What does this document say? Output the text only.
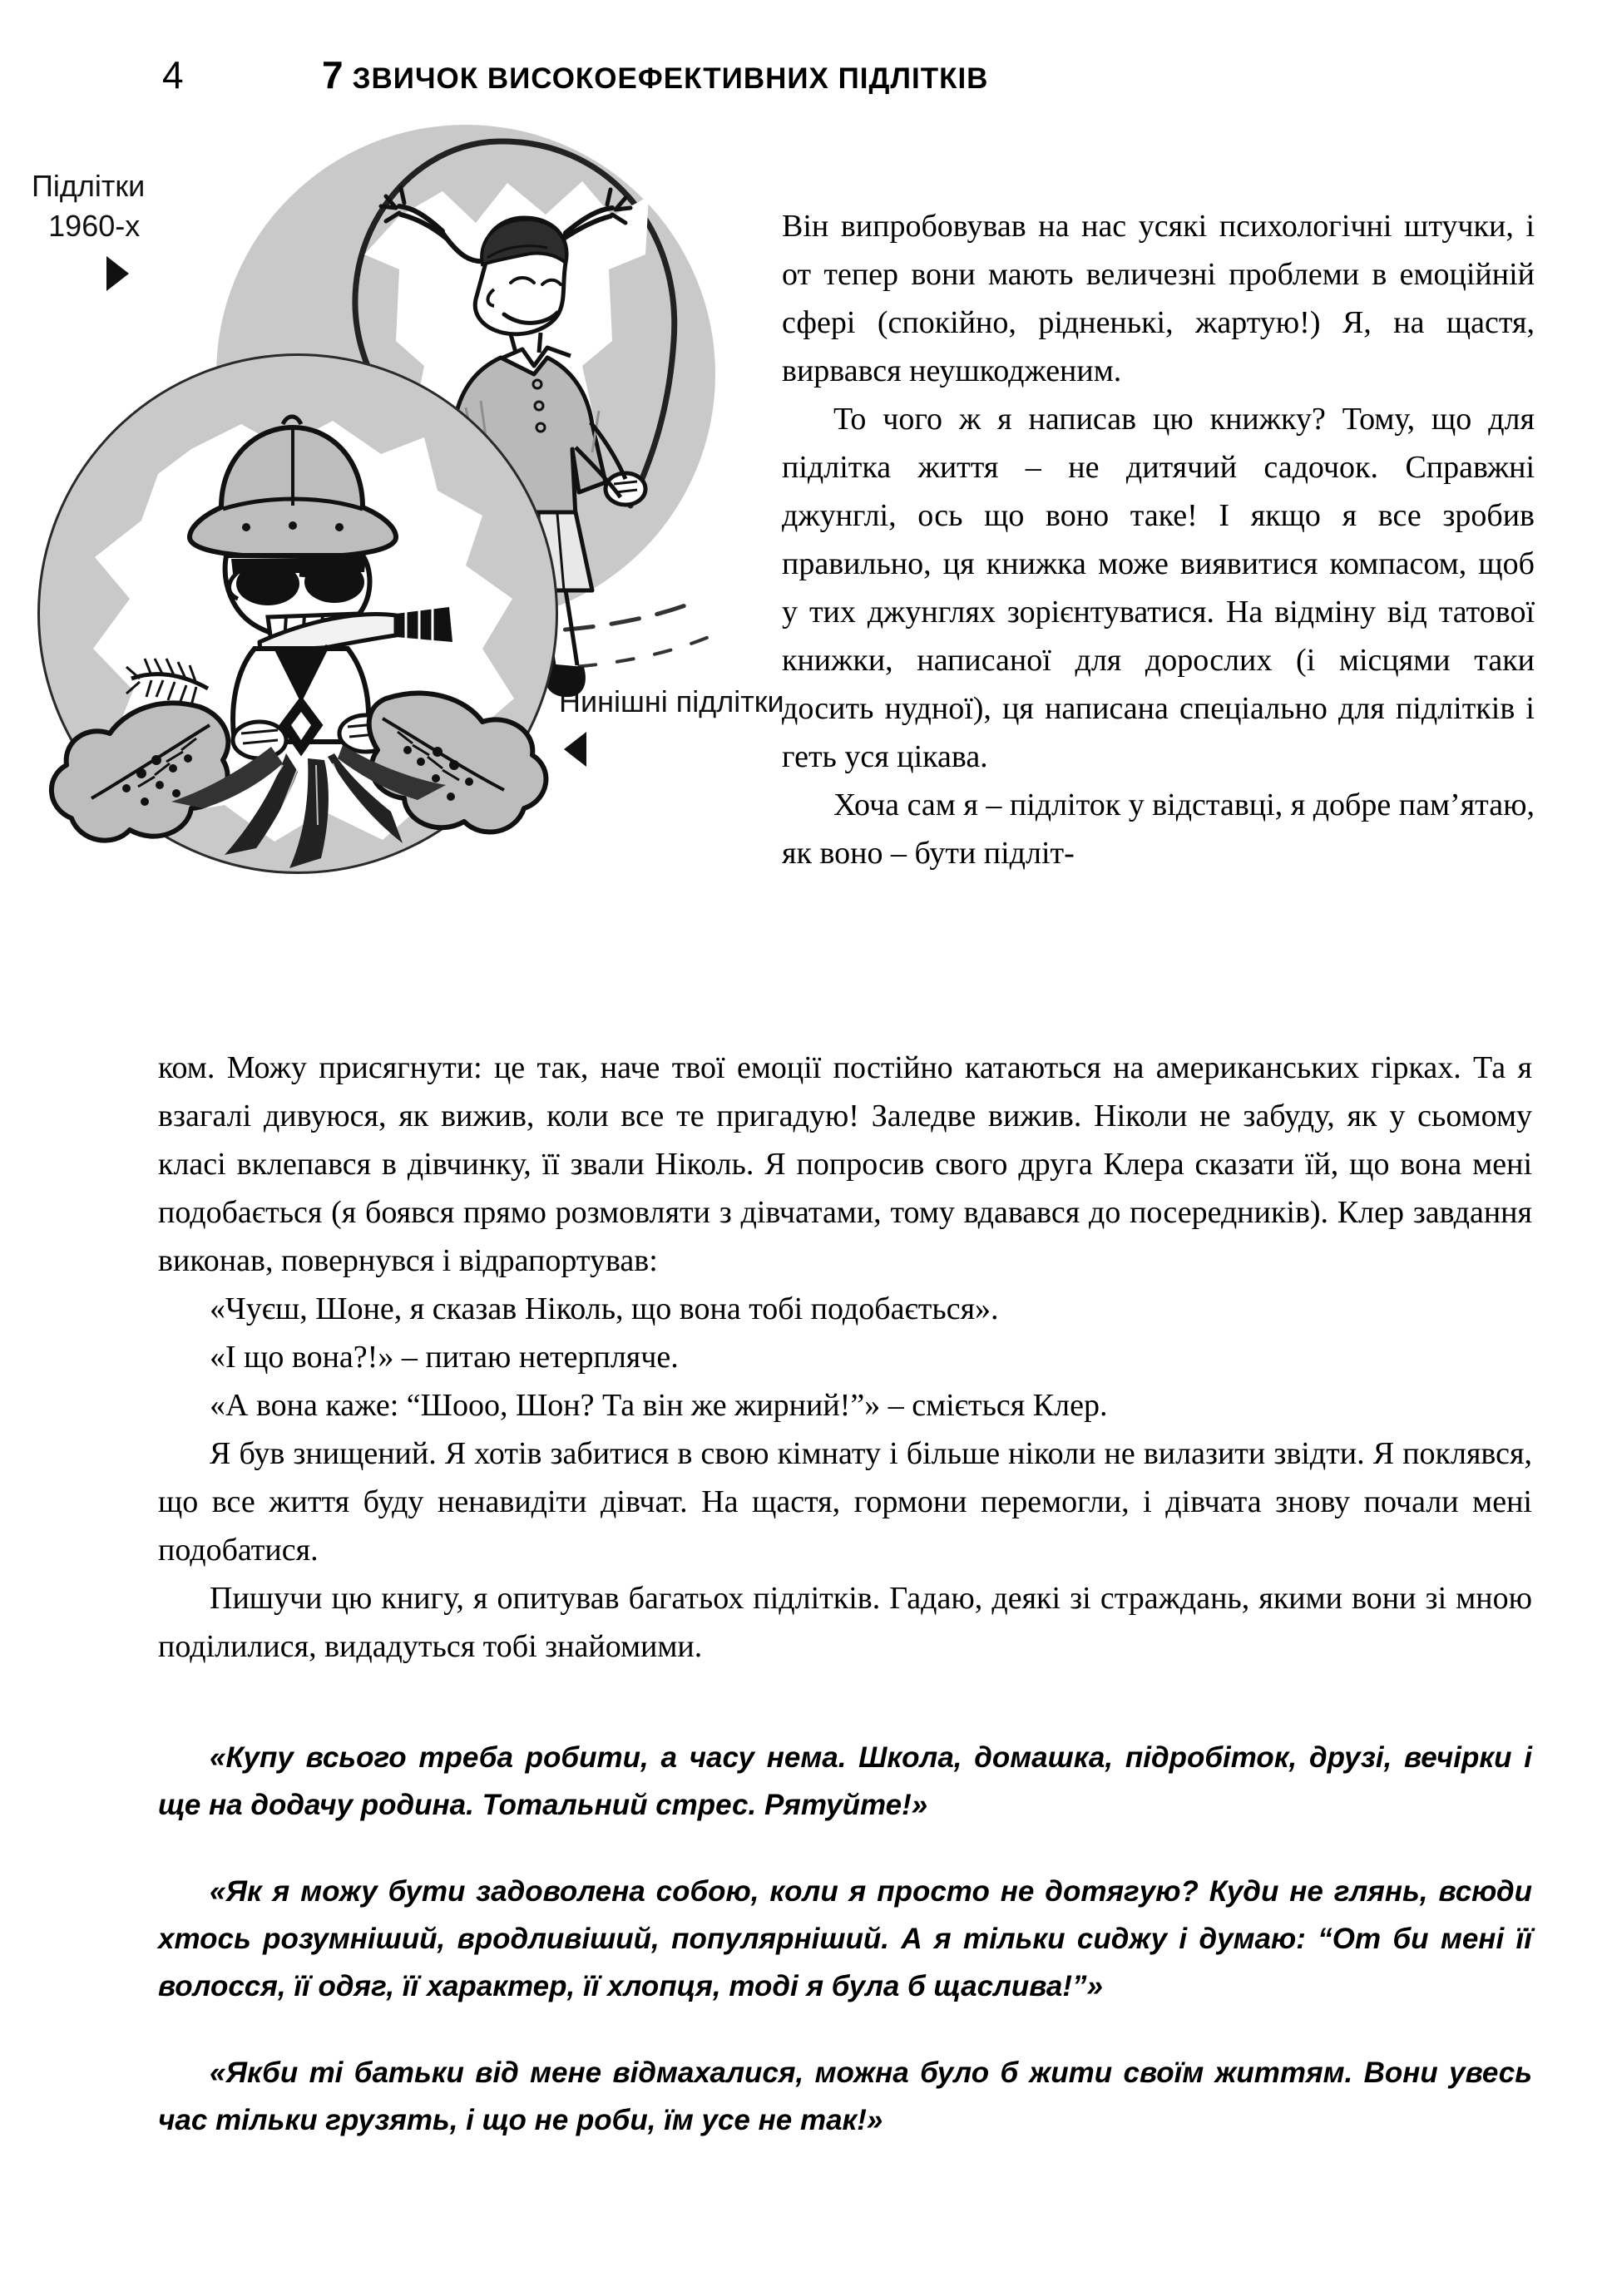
4	7 ЗВИЧОК ВИСОКОЕФЕКТИВНИХ ПІДЛІТКІВ
Підлітки
1960-х
Нинішні підлітки

Він випробовував на нас усякі психологічні штучки, і от тепер вони мають величезні проблеми в емоційній сфері (спокійно, рідненькі, жартую!) Я, на щастя, вирвався неушкодженим.

То чого ж я написав цю книжку? Тому, що для підлітка життя – не дитячий садочок. Справжні джунглі, ось що воно таке! І якщо я все зробив правильно, ця книжка може виявитися компасом, щоб у тих джунглях зорієнтуватися. На відміну від татової книжки, написаної для дорослих (і місцями таки досить нудної), ця написана спеціально для підлітків і геть уся цікава.

Хоча сам я – підліток у відставці, я добре пам’ятаю, як воно – бути підліт-

ком. Можу присягнути: це так, наче твої емоції постійно катаються на американських гірках. Та я взагалі дивуюся, як вижив, коли все те пригадую! Заледве вижив. Ніколи не забуду, як у сьомому класі вклепався в дівчинку, її звали Ніколь. Я попросив свого друга Клера сказати їй, що вона мені подобається (я боявся прямо розмовляти з дівчатами, тому вдавався до посередників). Клер завдання виконав, повернувся і відрапортував:

«Чуєш, Шоне, я сказав Ніколь, що вона тобі подобається».

«І що вона?!» – питаю нетерпляче.

«А вона каже: “Шооо, Шон? Та він же жирний!”» – сміється Клер.

Я був знищений. Я хотів забитися в свою кімнату і більше ніколи не вилазити звідти. Я поклявся, що все життя буду ненавидіти дівчат. На щастя, гормони перемогли, і дівчата знову почали мені подобатися.

Пишучи цю книгу, я опитував багатьох підлітків. Гадаю, деякі зі страждань, якими вони зі мною поділилися, видадуться тобі знайомими.

«Купу всього треба робити, а часу нема. Школа, домашка, підробіток, друзі, вечірки і ще на додачу родина. Тотальний стрес. Рятуйте!»

«Як я можу бути задоволена собою, коли я просто не дотягую? Куди не глянь, всюди хтось розумніший, вродливіший, популярніший. А я тільки сиджу і думаю: “От би мені її волосся, її одяг, її характер, її хлопця, тоді я була б щаслива!”»

«Якби ті батьки від мене відмахалися, можна було б жити своїм життям. Вони увесь час тільки грузять, і що не роби, їм усе не так!»
